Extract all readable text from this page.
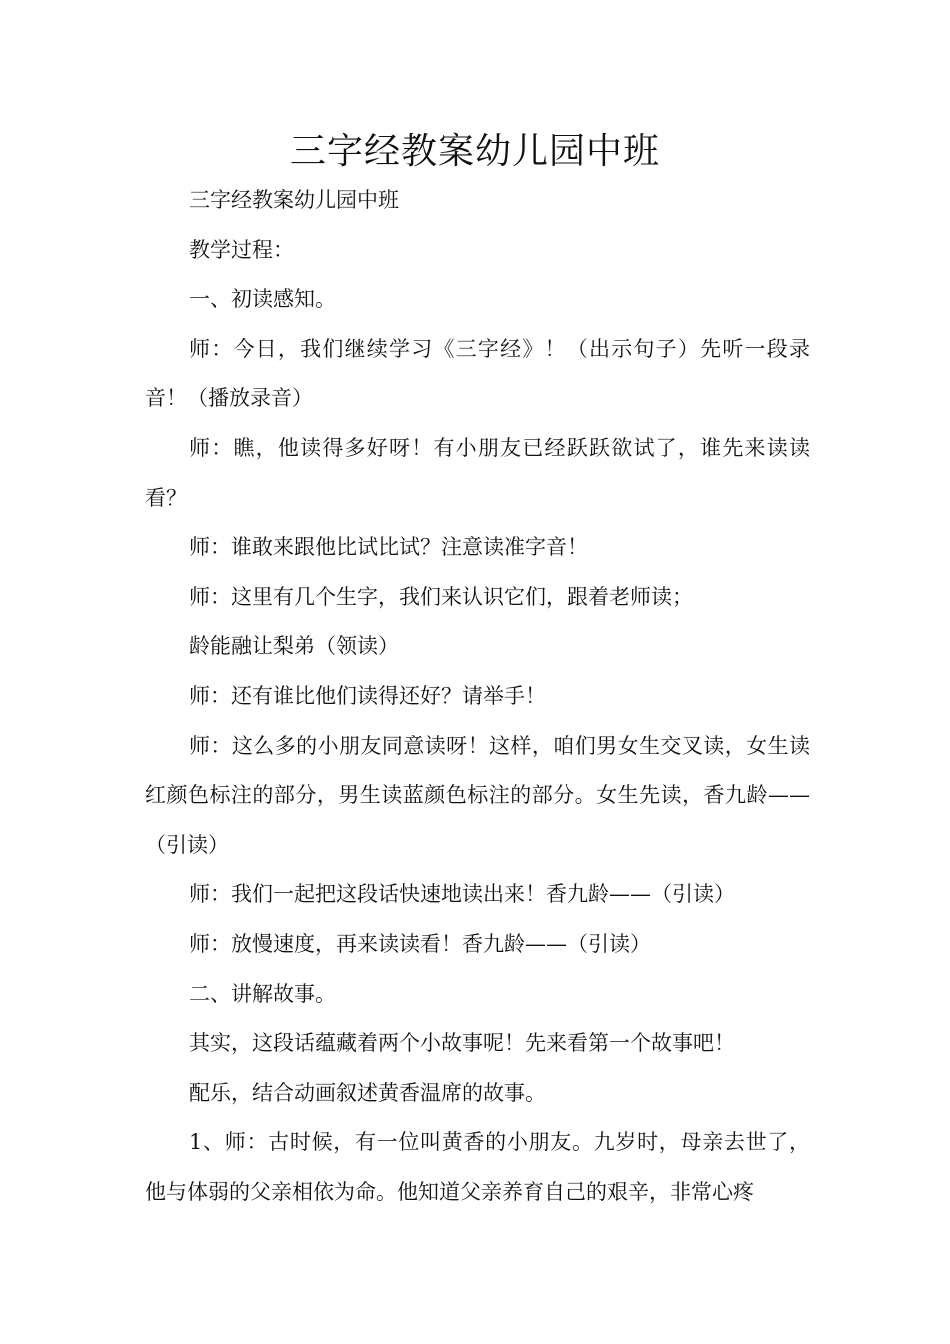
三字经教案幼儿园中班

三字经教案幼儿园中班

教学过程：

一、初读感知。

师：今日，我们继续学习《三字经》！（出示句子）先听一段录音！（播放录音）

师：瞧，他读得多好呀！有小朋友已经跃跃欲试了，谁先来读读看？

师：谁敢来跟他比试比试？注意读准字音！

师：这里有几个生字，我们来认识它们，跟着老师读；

龄能融让梨弟（领读）

师：还有谁比他们读得还好？请举手！

师：这么多的小朋友同意读呀！这样，咱们男女生交叉读，女生读红颜色标注的部分，男生读蓝颜色标注的部分。女生先读，香九龄——（引读）

师：我们一起把这段话快速地读出来！香九龄——（引读）

师：放慢速度，再来读读看！香九龄——（引读）

二、讲解故事。

其实，这段话蕴藏着两个小故事呢！先来看第一个故事吧！

配乐，结合动画叙述黄香温席的故事。

1、师：古时候，有一位叫黄香的小朋友。九岁时，母亲去世了，他与体弱的父亲相依为命。他知道父亲养育自己的艰辛，非常心疼
